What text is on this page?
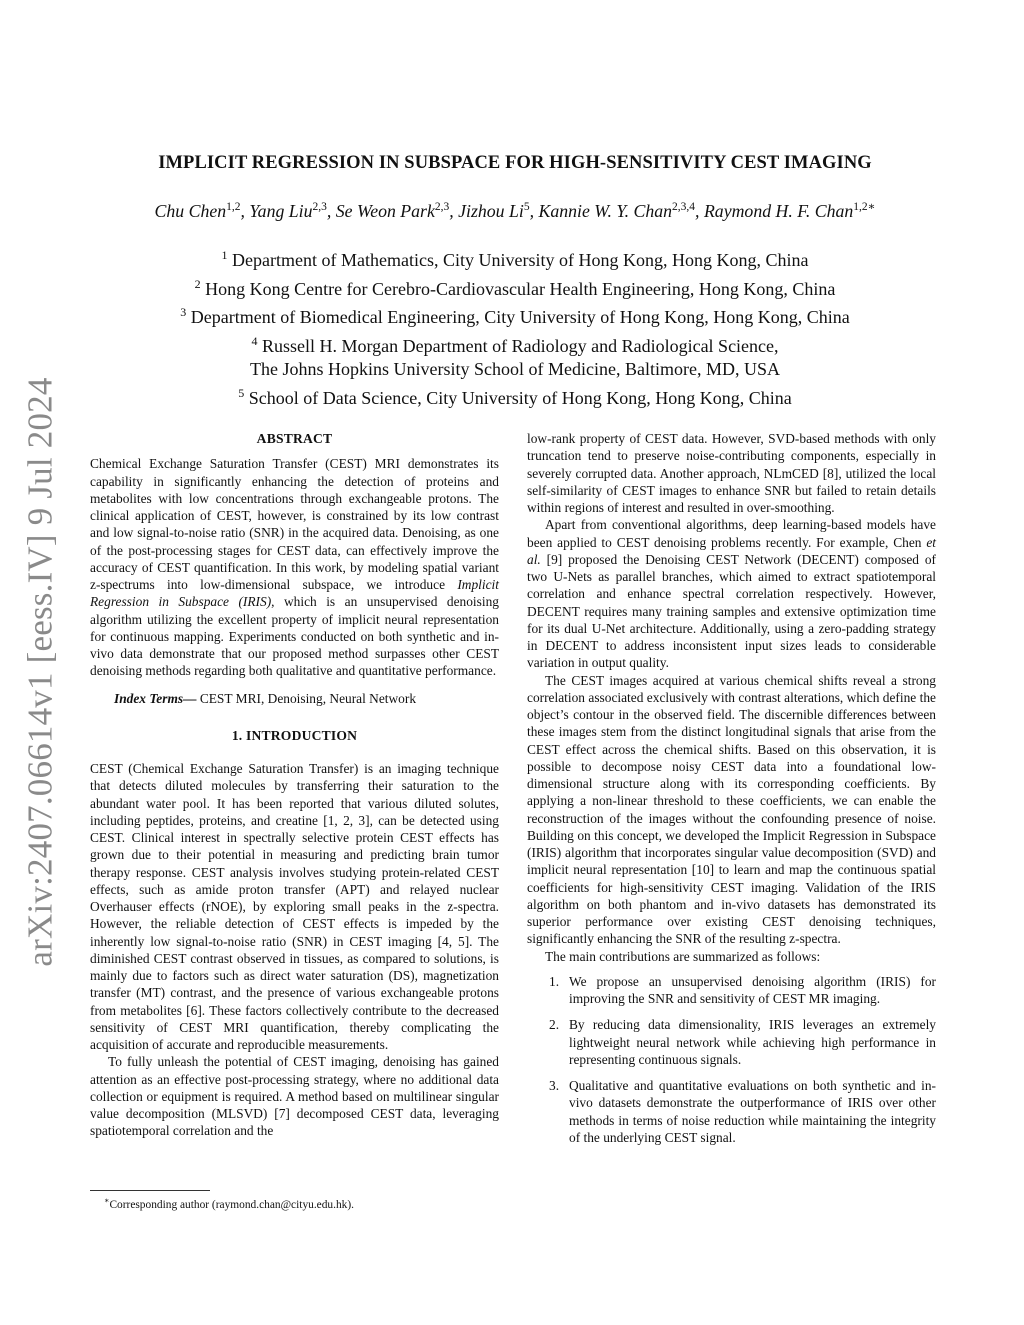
arXiv:2407.06614v1 [eess.IV] 9 Jul 2024
IMPLICIT REGRESSION IN SUBSPACE FOR HIGH-SENSITIVITY CEST IMAGING
Chu Chen$^{1,2}$, Yang Liu$^{2,3}$, Se Weon Park$^{2,3}$, Jizhou Li$^5$, Kannie W. Y. Chan$^{2,3,4}$, Raymond H. F. Chan$^{1,2∗}$
$^1$ Department of Mathematics, City University of Hong Kong, Hong Kong, China
$^2$ Hong Kong Centre for Cerebro-Cardiovascular Health Engineering, Hong Kong, China
$^3$ Department of Biomedical Engineering, City University of Hong Kong, Hong Kong, China
$^4$ Russell H. Morgan Department of Radiology and Radiological Science,
The Johns Hopkins University School of Medicine, Baltimore, MD, USA
$^5$ School of Data Science, City University of Hong Kong, Hong Kong, China
ABSTRACT

Chemical Exchange Saturation Transfer (CEST) MRI demonstrates its capability in significantly enhancing the detection of proteins and metabolites with low concentrations through exchangeable protons. The clinical application of CEST, however, is constrained by its low contrast and low signal-to-noise ratio (SNR) in the acquired data. Denoising, as one of the post-processing stages for CEST data, can effectively improve the accuracy of CEST quantification. In this work, by modeling spatial variant z-spectrums into low-dimensional subspace, we introduce Implicit Regression in Subspace (IRIS), which is an unsupervised denoising algorithm utilizing the excellent property of implicit neural representation for continuous mapping. Experiments conducted on both synthetic and in-vivo data demonstrate that our proposed method surpasses other CEST denoising methods regarding both qualitative and quantitative performance.

Index Terms— CEST MRI, Denoising, Neural Network

1. INTRODUCTION

CEST (Chemical Exchange Saturation Transfer) is an imaging technique that detects diluted molecules by transferring their saturation to the abundant water pool. It has been reported that various diluted solutes, including peptides, proteins, and creatine [1, 2, 3], can be detected using CEST. Clinical interest in spectrally selective protein CEST effects has grown due to their potential in measuring and predicting brain tumor therapy response. CEST analysis involves studying protein-related CEST effects, such as amide proton transfer (APT) and relayed nuclear Overhauser effects (rNOE), by exploring small peaks in the z-spectra. However, the reliable detection of CEST effects is impeded by the inherently low signal-to-noise ratio (SNR) in CEST imaging [4, 5]. The diminished CEST contrast observed in tissues, as compared to solutions, is mainly due to factors such as direct water saturation (DS), magnetization transfer (MT) contrast, and the presence of various exchangeable protons from metabolites [6]. These factors collectively contribute to the decreased sensitivity of CEST MRI quantification, thereby complicating the acquisition of accurate and reproducible measurements.

To fully unleash the potential of CEST imaging, denoising has gained attention as an effective post-processing strategy, where no additional data collection or equipment is required. A method based on multilinear singular value decomposition (MLSVD) [7] decomposed CEST data, leveraging spatiotemporal correlation and the

low-rank property of CEST data. However, SVD-based methods with only truncation tend to preserve noise-contributing components, especially in severely corrupted data. Another approach, NLmCED [8], utilized the local self-similarity of CEST images to enhance SNR but failed to retain details within regions of interest and resulted in over-smoothing.

Apart from conventional algorithms, deep learning-based models have been applied to CEST denoising problems recently. For example, Chen et al. [9] proposed the Denoising CEST Network (DECENT) composed of two U-Nets as parallel branches, which aimed to extract spatiotemporal correlation and enhance spectral correlation respectively. However, DECENT requires many training samples and extensive optimization time for its dual U-Net architecture. Additionally, using a zero-padding strategy in DECENT to address inconsistent input sizes leads to considerable variation in output quality.

The CEST images acquired at various chemical shifts reveal a strong correlation associated exclusively with contrast alterations, which define the object’s contour in the observed field. The discernible differences between these images stem from the distinct longitudinal signals that arise from the CEST effect across the chemical shifts. Based on this observation, it is possible to decompose noisy CEST data into a foundational low-dimensional structure along with its corresponding coefficients. By applying a non-linear threshold to these coefficients, we can enable the reconstruction of the images without the confounding presence of noise. Building on this concept, we developed the Implicit Regression in Subspace (IRIS) algorithm that incorporates singular value decomposition (SVD) and implicit neural representation [10] to learn and map the continuous spatial coefficients for high-sensitivity CEST imaging. Validation of the IRIS algorithm on both phantom and in-vivo datasets has demonstrated its superior performance over existing CEST denoising techniques, significantly enhancing the SNR of the resulting z-spectra.

The main contributions are summarized as follows:

1. We propose an unsupervised denoising algorithm (IRIS) for improving the SNR and sensitivity of CEST MR imaging.
2. By reducing data dimensionality, IRIS leverages an extremely lightweight neural network while achieving high performance in representing continuous signals.
3. Qualitative and quantitative evaluations on both synthetic and in-vivo datasets demonstrate the outperformance of IRIS over other methods in terms of noise reduction while maintaining the integrity of the underlying CEST signal.
∗Corresponding author (raymond.chan@cityu.edu.hk).
